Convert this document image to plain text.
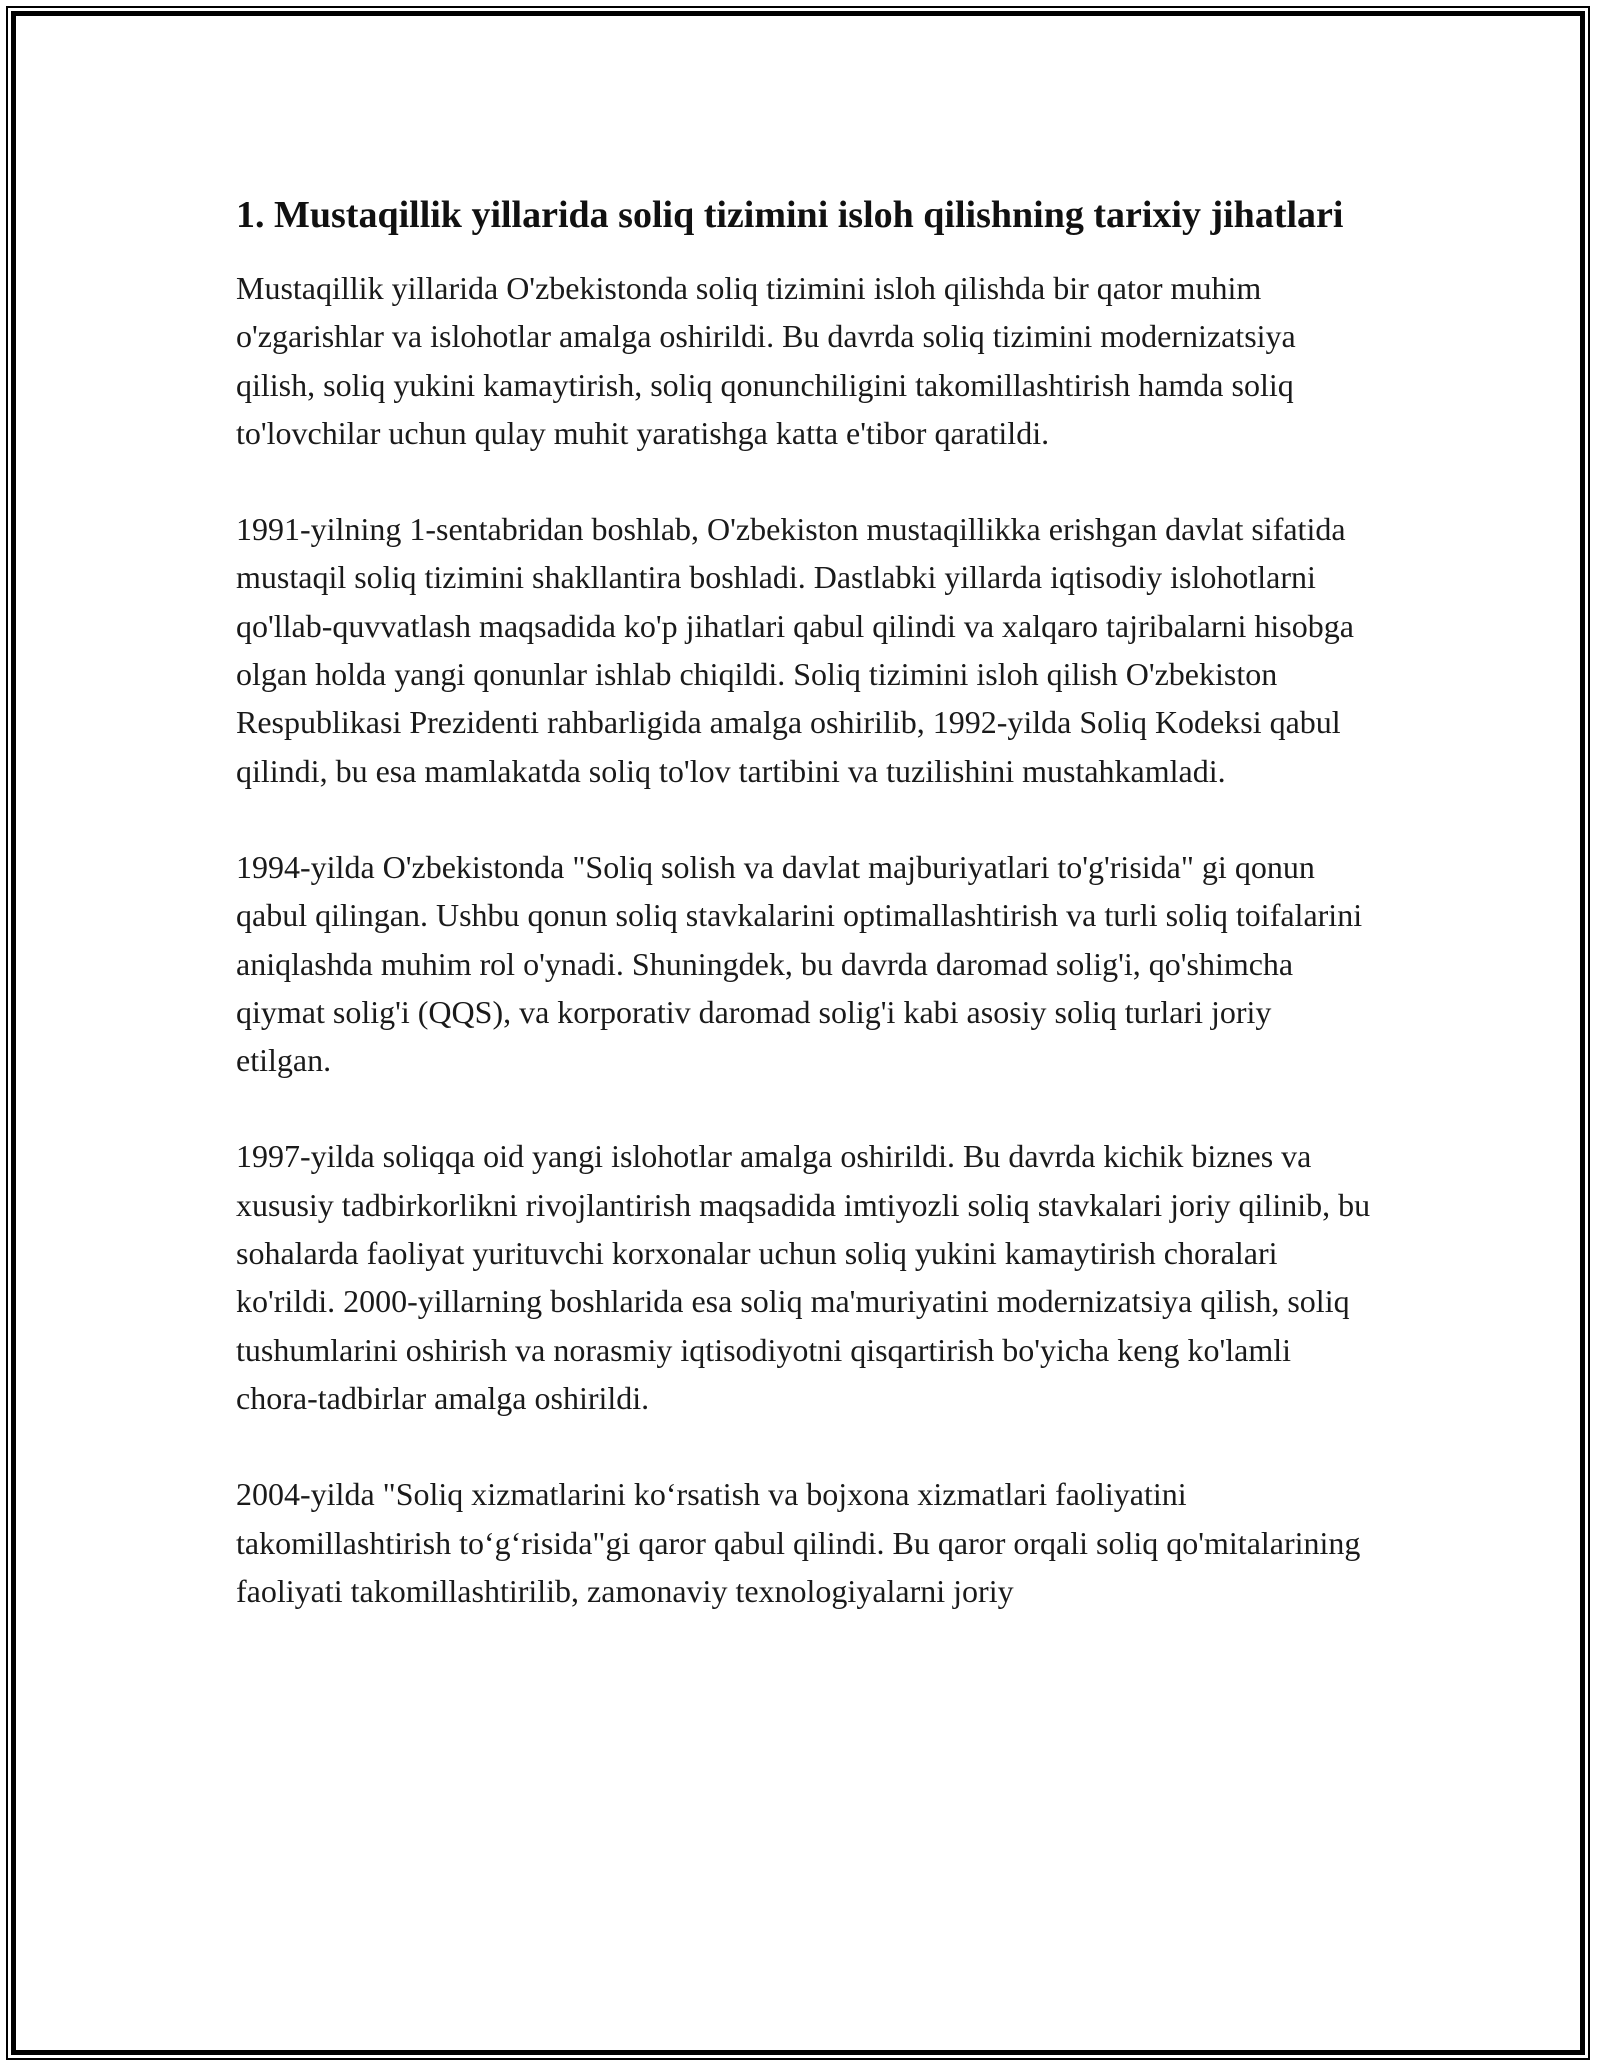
1. Mustaqillik yillarida soliq tizimini isloh qilishning tarixiy jihatlari

Mustaqillik yillarida O'zbekistonda soliq tizimini isloh qilishda bir qator muhim o'zgarishlar va islohotlar amalga oshirildi. Bu davrda soliq tizimini modernizatsiya qilish, soliq yukini kamaytirish, soliq qonunchiligini takomillashtirish hamda soliq to'lovchilar uchun qulay muhit yaratishga katta e'tibor qaratildi.

1991-yilning 1-sentabridan boshlab, O'zbekiston mustaqillikka erishgan davlat sifatida mustaqil soliq tizimini shakllantira boshladi. Dastlabki yillarda iqtisodiy islohotlarni qo'llab-quvvatlash maqsadida ko'p jihatlari qabul qilindi va xalqaro tajribalarni hisobga olgan holda yangi qonunlar ishlab chiqildi. Soliq tizimini isloh qilish O'zbekiston Respublikasi Prezidenti rahbarligida amalga oshirilib, 1992-yilda Soliq Kodeksi qabul qilindi, bu esa mamlakatda soliq to'lov tartibini va tuzilishini mustahkamladi.

1994-yilda O'zbekistonda "Soliq solish va davlat majburiyatlari to'g'risida" gi qonun qabul qilingan. Ushbu qonun soliq stavkalarini optimallashtirish va turli soliq toifalarini aniqlashda muhim rol o'ynadi. Shuningdek, bu davrda daromad solig'i, qo'shimcha qiymat solig'i (QQS), va korporativ daromad solig'i kabi asosiy soliq turlari joriy etilgan.

1997-yilda soliqqa oid yangi islohotlar amalga oshirildi. Bu davrda kichik biznes va xususiy tadbirkorlikni rivojlantirish maqsadida imtiyozli soliq stavkalari joriy qilinib, bu sohalarda faoliyat yurituvchi korxonalar uchun soliq yukini kamaytirish choralari ko'rildi. 2000-yillarning boshlarida esa soliq ma'muriyatini modernizatsiya qilish, soliq tushumlarini oshirish va norasmiy iqtisodiyotni qisqartirish bo'yicha keng ko'lamli chora-tadbirlar amalga oshirildi.

2004-yilda "Soliq xizmatlarini ko‘rsatish va bojxona xizmatlari faoliyatini takomillashtirish to‘g‘risida"gi qaror qabul qilindi. Bu qaror orqali soliq qo'mitalarining faoliyati takomillashtirilib, zamonaviy texnologiyalarni joriy
